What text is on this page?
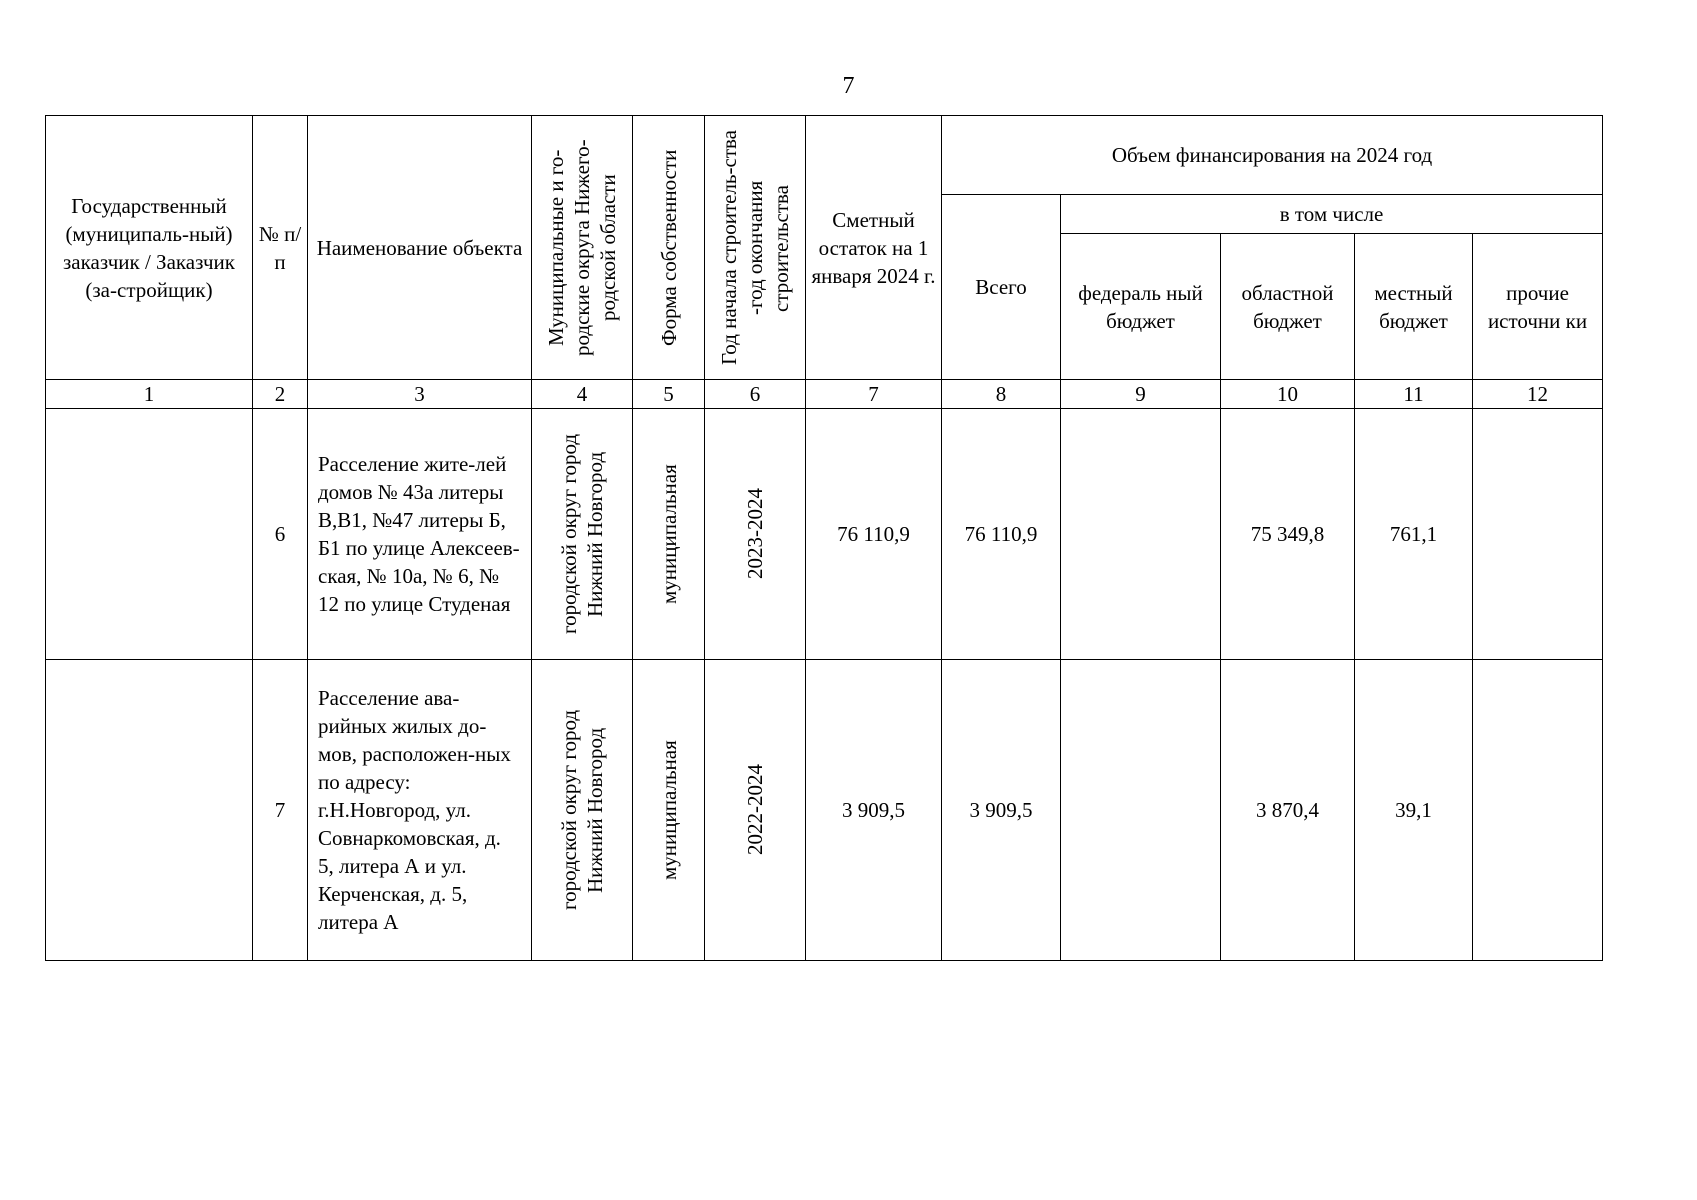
7
Государственный (муниципаль-ный) заказчик / Заказчик (за-стройщик)	№ п/п	Наименование объекта	Муниципальные и го-родские округа Нижего-родской области	Форма собственности	Год начала строитель-ства -год окончания строительства	Сметный остаток на 1 января 2024 г.	Объем финансирования на 2024 год				

							Всего	в том числе			

								федераль ный бюджет	областной бюджет	местный бюджет	прочие источни ки

1	2	3	4	5	6	7	8	9	10	11	12
	6	Расселение жите-лей домов № 43а литеры В,В1, №47 литеры Б, Б1 по улице Алексеев-ская, № 10а, № 6, № 12 по улице Студеная	городской округ город Нижний Новгород	муниципальная	2023-2024	76 110,9	76 110,9		75 349,8	761,1	
	7	Расселение ава-рийных жилых до-мов, расположен-ных по адресу: г.Н.Новгород, ул. Совнаркомовская, д. 5, литера А и ул. Керченская, д. 5, литера А	городской округ город Нижний Новгород	муниципальная	2022-2024	3 909,5	3 909,5		3 870,4	39,1	
